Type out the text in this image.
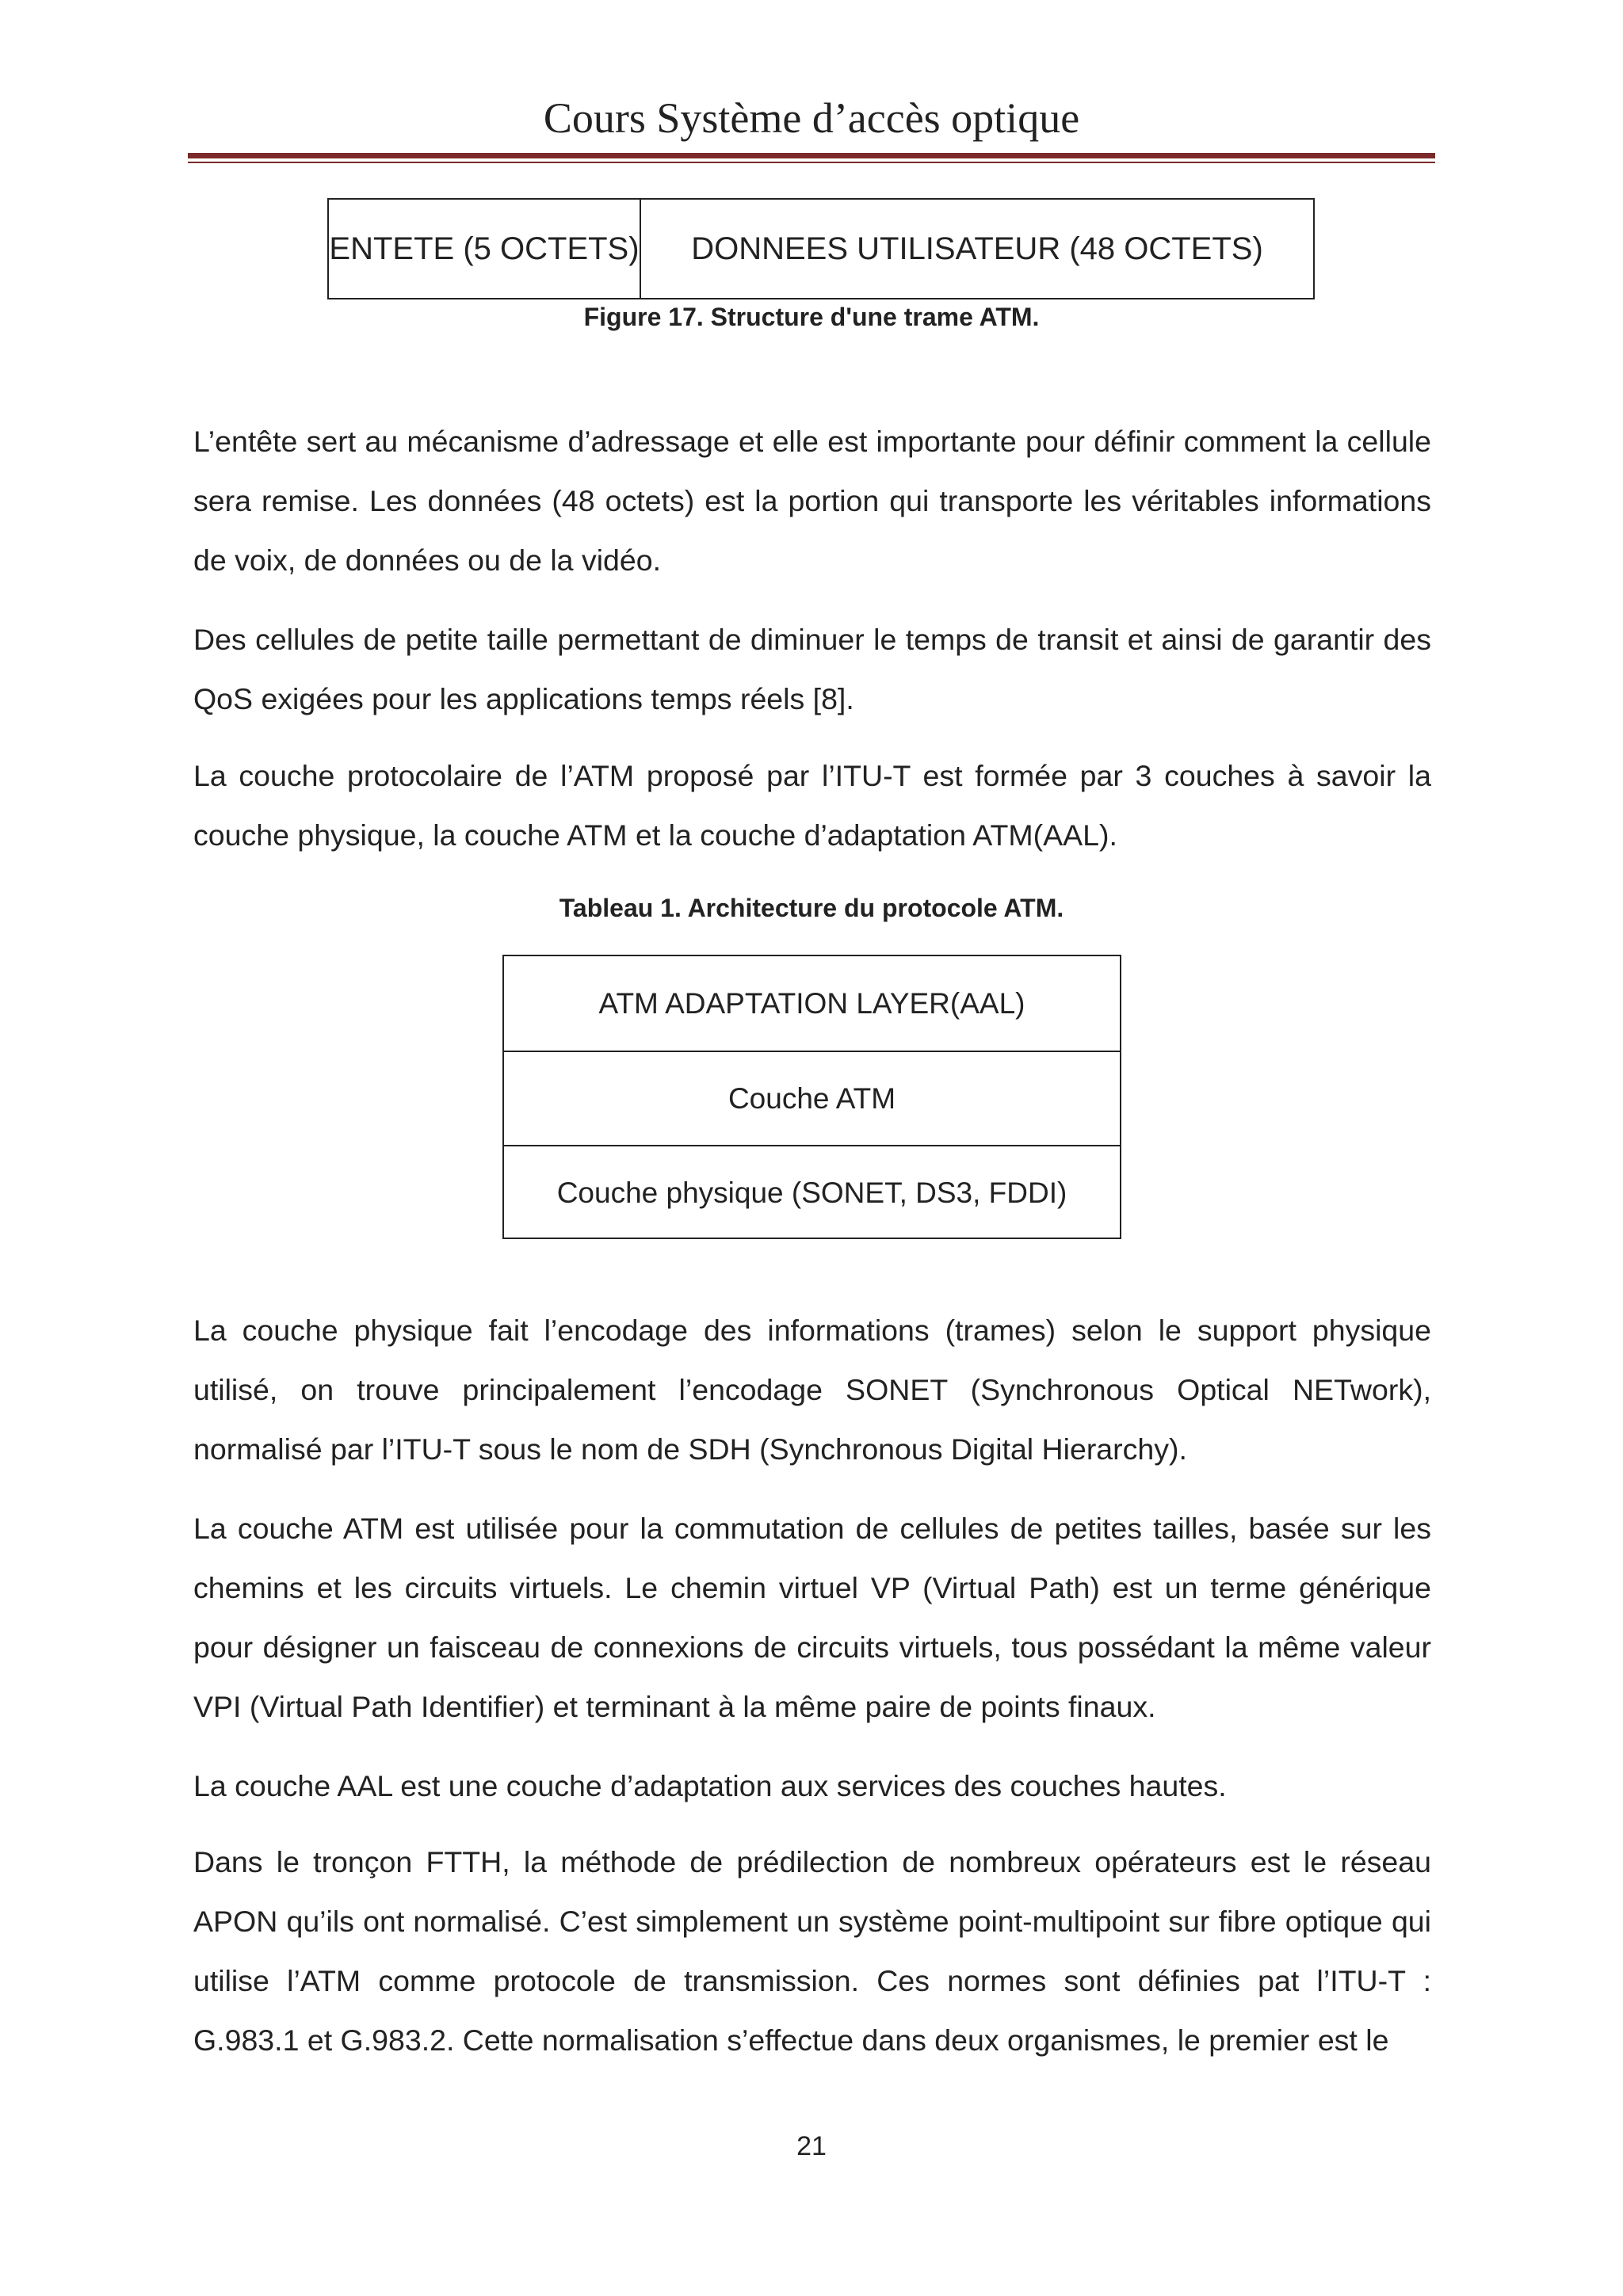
Cours Système d’accès optique
ENTETE (5 OCTETS)	DONNEES UTILISATEUR (48 OCTETS)
Figure 17. Structure d'une trame ATM.
L’entête sert au mécanisme d’adressage et elle est importante pour définir comment la cellule sera remise. Les données (48 octets) est la portion qui transporte les véritables informations de voix, de données ou de la vidéo.
Des cellules de petite taille permettant de diminuer le temps de transit et ainsi de garantir des QoS exigées pour les applications temps réels [8].
La couche protocolaire de l’ATM proposé par l’ITU-T est formée par 3 couches à savoir la couche physique, la couche ATM et la couche d’adaptation ATM(AAL).
Tableau 1. Architecture du protocole ATM.
ATM ADAPTATION LAYER(AAL)
Couche ATM
Couche physique (SONET, DS3, FDDI)
La couche physique fait l’encodage des informations (trames) selon le support physique utilisé, on trouve principalement l’encodage SONET (Synchronous Optical NETwork), normalisé par l’ITU-T sous le nom de SDH (Synchronous Digital Hierarchy).
La couche ATM est utilisée pour la commutation de cellules de petites tailles, basée sur les chemins et les circuits virtuels. Le chemin virtuel VP (Virtual Path) est un terme générique pour désigner un faisceau de connexions de circuits virtuels, tous possédant la même valeur VPI (Virtual Path Identifier) et terminant à la même paire de points finaux.
La couche AAL est une couche d’adaptation aux services des couches hautes.
Dans le tronçon FTTH, la méthode de prédilection de nombreux opérateurs est le réseau APON qu’ils ont normalisé. C’est simplement un système point-multipoint sur fibre optique qui utilise l’ATM comme protocole de transmission. Ces normes sont définies pat l’ITU-T : G.983.1 et G.983.2. Cette normalisation s’effectue dans deux organismes, le premier est le
21
